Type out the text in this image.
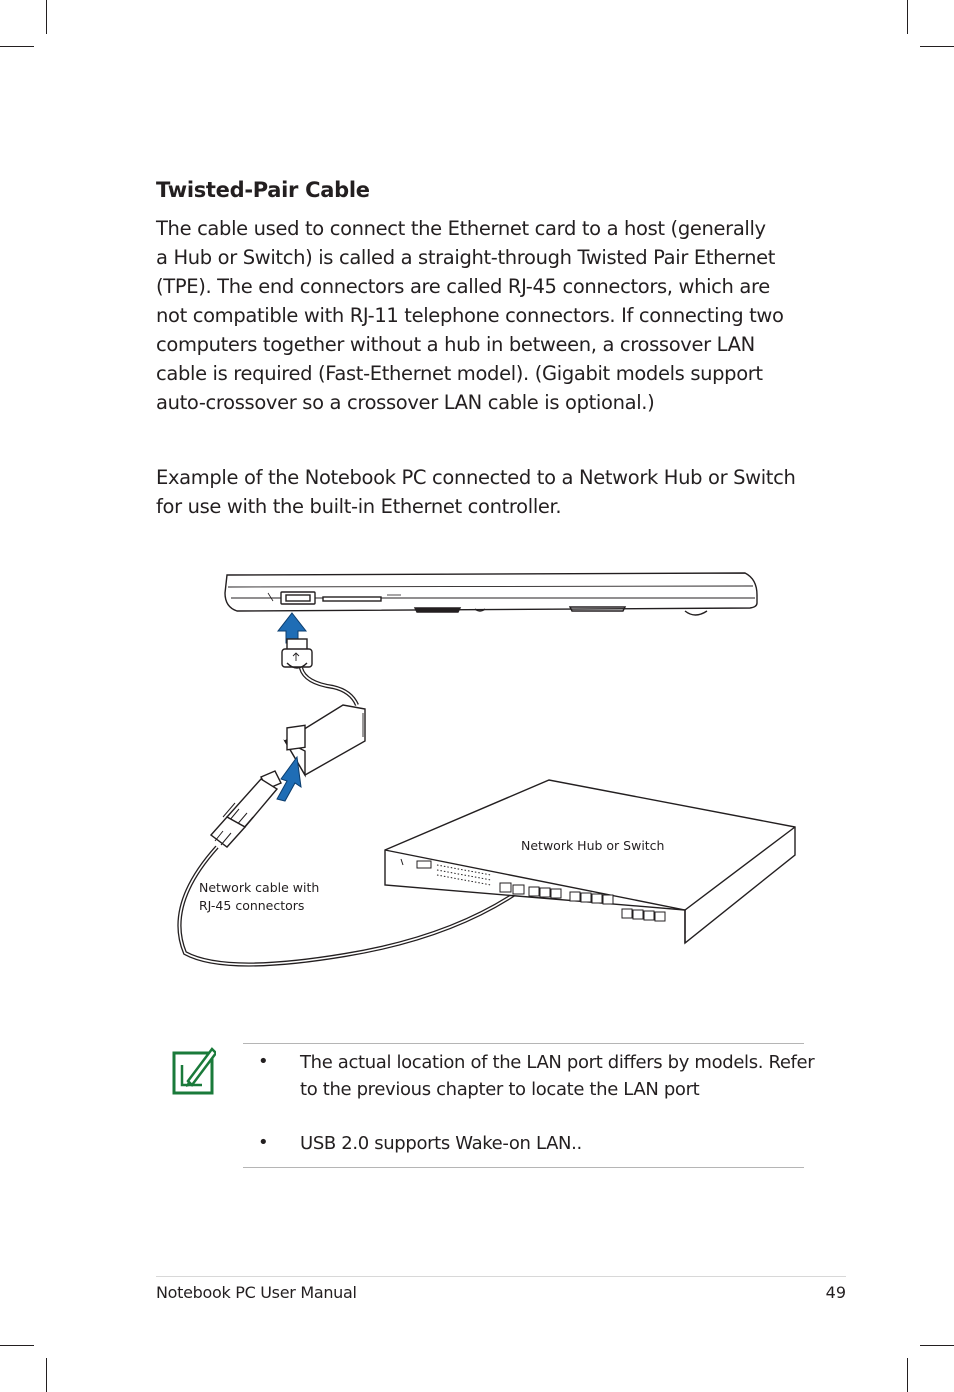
Twisted-Pair Cable

The cable used to connect the Ethernet card to a host (generally
a Hub or Switch) is called a straight-through Twisted Pair Ethernet
(TPE). The end connectors are called RJ-45 connectors, which are
not compatible with RJ-11 telephone connectors. If connecting two
computers together without a hub in between, a crossover LAN
cable is required (Fast-Ethernet model). (Gigabit models support
auto-crossover so a crossover LAN cable is optional.)

Example of the Notebook PC connected to a Network Hub or Switch
for use with the built-in Ethernet controller.

Network Hub or Switch
Network cable with
RJ-45 connectors
• The actual location of the LAN port differs by models. Refer
to the previous chapter to locate the LAN port
• USB 2.0 supports Wake-on LAN..
Notebook PC User Manual	49
